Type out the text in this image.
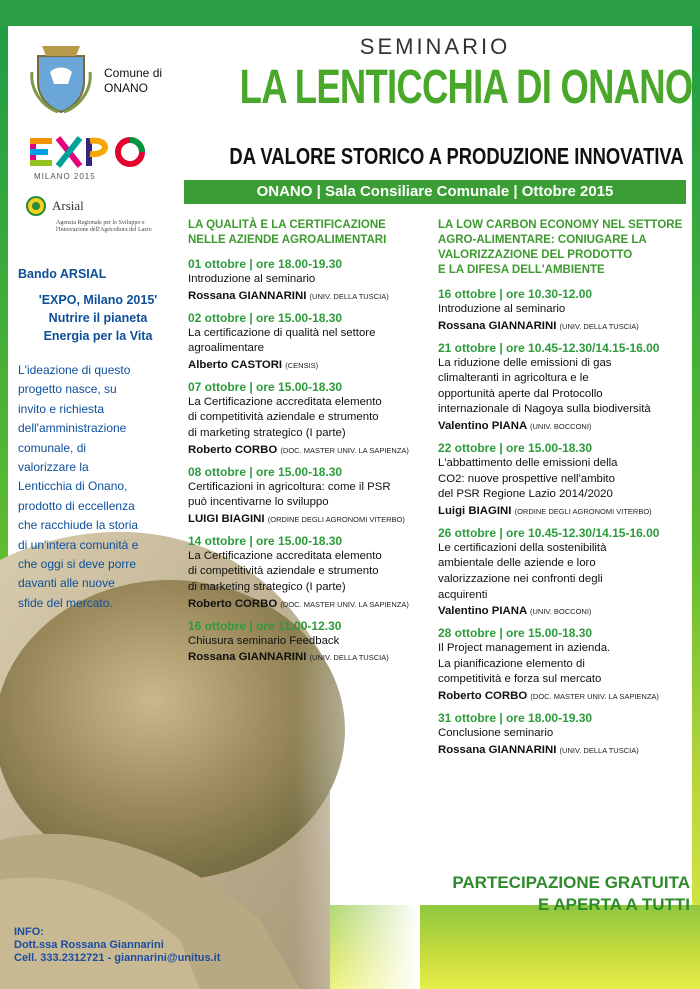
Comune di
ONANO
MILANO 2015
Arsial
Agenzia Regionale per lo Sviluppo e l'Innovazione dell'Agricoltura del Lazio
Bando ARSIAL
'EXPO, Milano 2015'
Nutrire il pianeta
Energia per la Vita
L'ideazione di questo
progetto nasce, su
invito e richiesta
dell'amministrazione
comunale, di
valorizzare la
Lenticchia di Onano,
prodotto di eccellenza
che racchiude la storia
di un'intera comunità e
che oggi si deve porre
davanti alle nuove
sfide del mercato.
SEMINARIO
LA LENTICCHIA DI ONANO
DA VALORE STORICO A PRODUZIONE INNOVATIVA
ONANO | Sala Consiliare Comunale | Ottobre 2015
LA QUALITÀ E LA CERTIFICAZIONE
NELLE AZIENDE AGROALIMENTARI
01 ottobre | ore 18.00-19.30
Introduzione al seminario
Rossana GIANNARINI (UNIV. DELLA TUSCIA)
02 ottobre | ore 15.00-18.30
La certificazione di qualità nel settore
agroalimentare
Alberto CASTORI (CENSIS)
07 ottobre | ore 15.00-18.30
La Certificazione accreditata elemento
di competitività aziendale e strumento
di marketing strategico (I parte)
Roberto CORBO (DOC. MASTER UNIV. LA SAPIENZA)
08 ottobre | ore 15.00-18.30
Certificazioni in agricoltura: come il PSR
può incentivarne lo sviluppo
LUIGI BIAGINI (ORDINE DEGLI AGRONOMI VITERBO)
14 ottobre | ore 15.00-18.30
La Certificazione accreditata elemento
di competitività aziendale e strumento
di marketing strategico (I parte)
Roberto CORBO (DOC. MASTER UNIV. LA SAPIENZA)
16 ottobre | ore 11.00-12.30
Chiusura seminario Feedback
Rossana GIANNARINI (UNIV. DELLA TUSCIA)
LA LOW CARBON ECONOMY NEL SETTORE
AGRO-ALIMENTARE: CONIUGARE LA
VALORIZZAZIONE DEL PRODOTTO
E LA DIFESA DELL'AMBIENTE
16 ottobre | ore 10.30-12.00
Introduzione al seminario
Rossana GIANNARINI (UNIV. DELLA TUSCIA)
21 ottobre | ore 10.45-12.30/14.15-16.00
La riduzione delle emissioni di gas
climalteranti in agricoltura e le
opportunità aperte dal Protocollo
internazionale di Nagoya sulla biodiversità
Valentino PIANA (UNIV. BOCCONI)
22 ottobre | ore 15.00-18.30
L'abbattimento delle emissioni della
CO2: nuove prospettive nell'ambito
del PSR Regione Lazio 2014/2020
Luigi BIAGINI (ORDINE DEGLI AGRONOMI VITERBO)
26 ottobre | ore 10.45-12.30/14.15-16.00
Le certificazioni della sostenibilità
ambientale delle aziende e loro
valorizzazione nei confronti degli
acquirenti
Valentino PIANA (UNIV. BOCCONI)
28 ottobre | ore 15.00-18.30
Il Project management in azienda.
La pianificazione elemento di
competitività e forza sul mercato
Roberto CORBO (DOC. MASTER UNIV. LA SAPIENZA)
31 ottobre | ore 18.00-19.30
Conclusione seminario
Rossana GIANNARINI (UNIV. DELLA TUSCIA)
PARTECIPAZIONE GRATUITA
E APERTA A TUTTI
INFO:
Dott.ssa Rossana Giannarini
Cell. 333.2312721 - giannarini@unitus.it
